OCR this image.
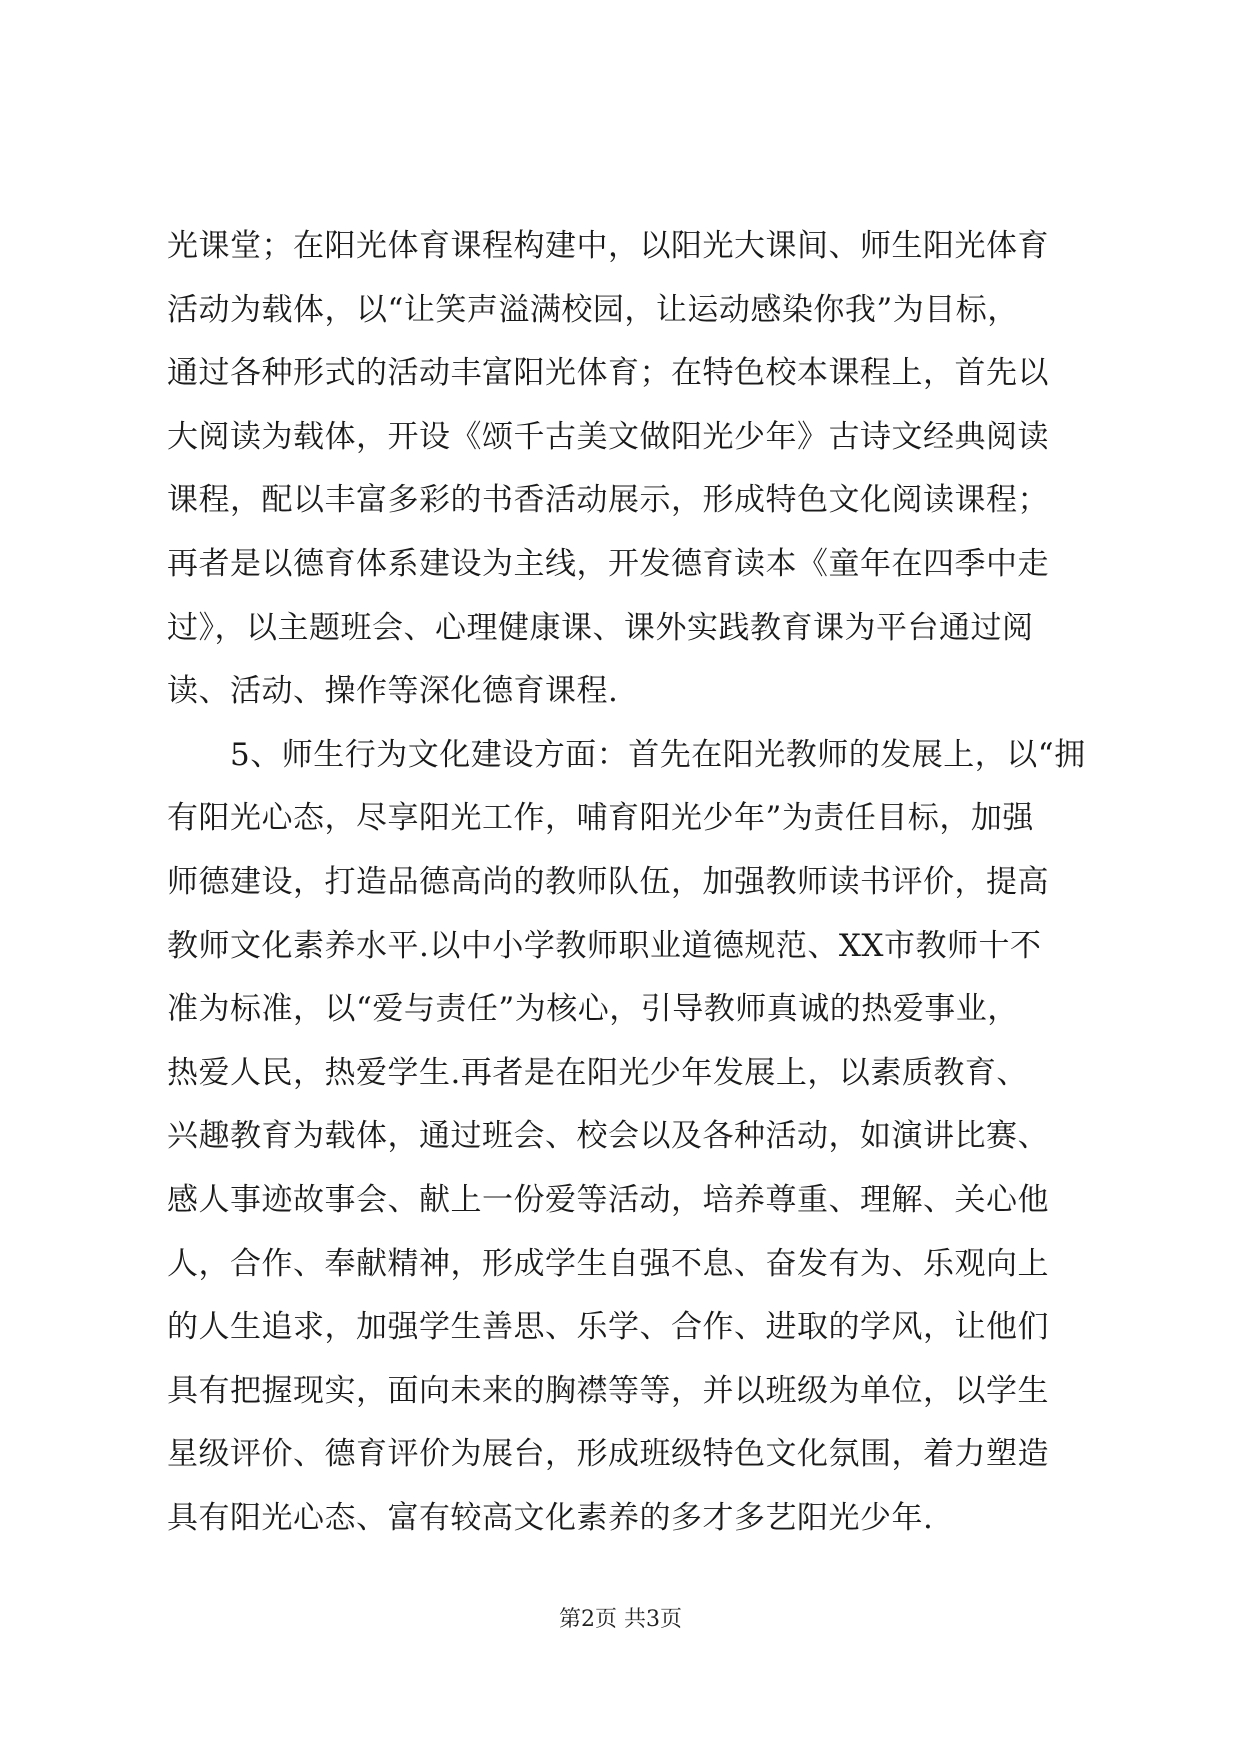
光课堂；在阳光体育课程构建中，以阳光大课间、师生阳光体育
活动为载体，以“让笑声溢满校园，让运动感染你我”为目标，
通过各种形式的活动丰富阳光体育；在特色校本课程上，首先以
大阅读为载体，开设《颂千古美文做阳光少年》古诗文经典阅读
课程，配以丰富多彩的书香活动展示，形成特色文化阅读课程；
再者是以德育体系建设为主线，开发德育读本《童年在四季中走
过》，以主题班会、心理健康课、课外实践教育课为平台通过阅
读、活动、操作等深化德育课程.
　　5、师生行为文化建设方面：首先在阳光教师的发展上，以“拥
有阳光心态，尽享阳光工作，哺育阳光少年”为责任目标，加强
师德建设，打造品德高尚的教师队伍，加强教师读书评价，提高
教师文化素养水平.以中小学教师职业道德规范、XX市教师十不
准为标准，以“爱与责任”为核心，引导教师真诚的热爱事业，
热爱人民，热爱学生.再者是在阳光少年发展上，以素质教育、
兴趣教育为载体，通过班会、校会以及各种活动，如演讲比赛、
感人事迹故事会、献上一份爱等活动，培养尊重、理解、关心他
人，合作、奉献精神，形成学生自强不息、奋发有为、乐观向上
的人生追求，加强学生善思、乐学、合作、进取的学风，让他们
具有把握现实，面向未来的胸襟等等，并以班级为单位，以学生
星级评价、德育评价为展台，形成班级特色文化氛围，着力塑造
具有阳光心态、富有较高文化素养的多才多艺阳光少年.
第2页 共3页
